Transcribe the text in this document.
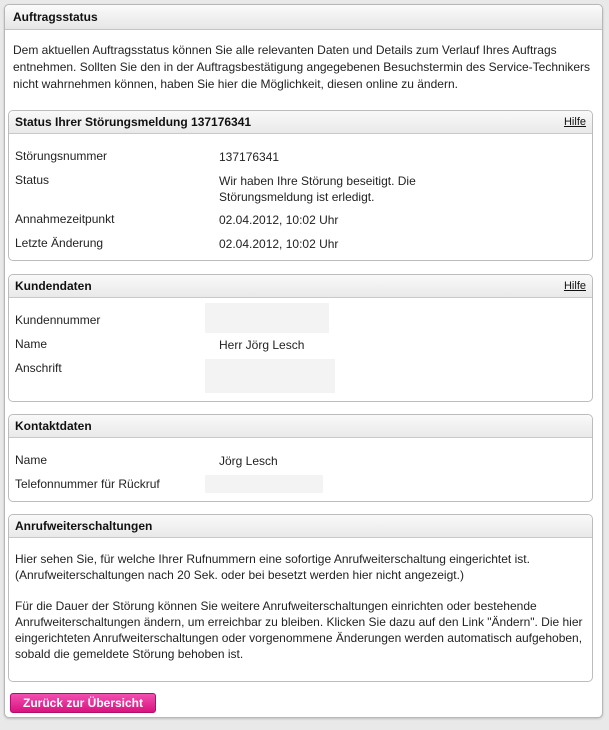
Auftragsstatus
Dem aktuellen Auftragsstatus können Sie alle relevanten Daten und Details zum Verlauf Ihres Auftrags entnehmen. Sollten Sie den in der Auftragsbestätigung angegebenen Besuchstermin des Service-Technikers nicht wahrnehmen können, haben Sie hier die Möglichkeit, diesen online zu ändern.
Status Ihrer Störungsmeldung 137176341	Hilfe
Störungsnummer	137176341
Status	Wir haben Ihre Störung beseitigt. Die Störungsmeldung ist erledigt.
Annahmezeitpunkt	02.04.2012, 10:02 Uhr
Letzte Änderung	02.04.2012, 10:02 Uhr
Kundendaten	Hilfe
Kundennummer
Name	Herr Jörg Lesch
Anschrift
Kontaktdaten
Name	Jörg Lesch
Telefonnummer für Rückruf
Anrufweiterschaltungen
Hier sehen Sie, für welche Ihrer Rufnummern eine sofortige Anrufweiterschaltung eingerichtet ist. (Anrufweiterschaltungen nach 20 Sek. oder bei besetzt werden hier nicht angezeigt.)
Für die Dauer der Störung können Sie weitere Anrufweiterschaltungen einrichten oder bestehende Anrufweiterschaltungen ändern, um erreichbar zu bleiben. Klicken Sie dazu auf den Link "Ändern". Die hier eingerichteten Anrufweiterschaltungen oder vorgenommene Änderungen werden automatisch aufgehoben, sobald die gemeldete Störung behoben ist.
Zurück zur Übersicht
